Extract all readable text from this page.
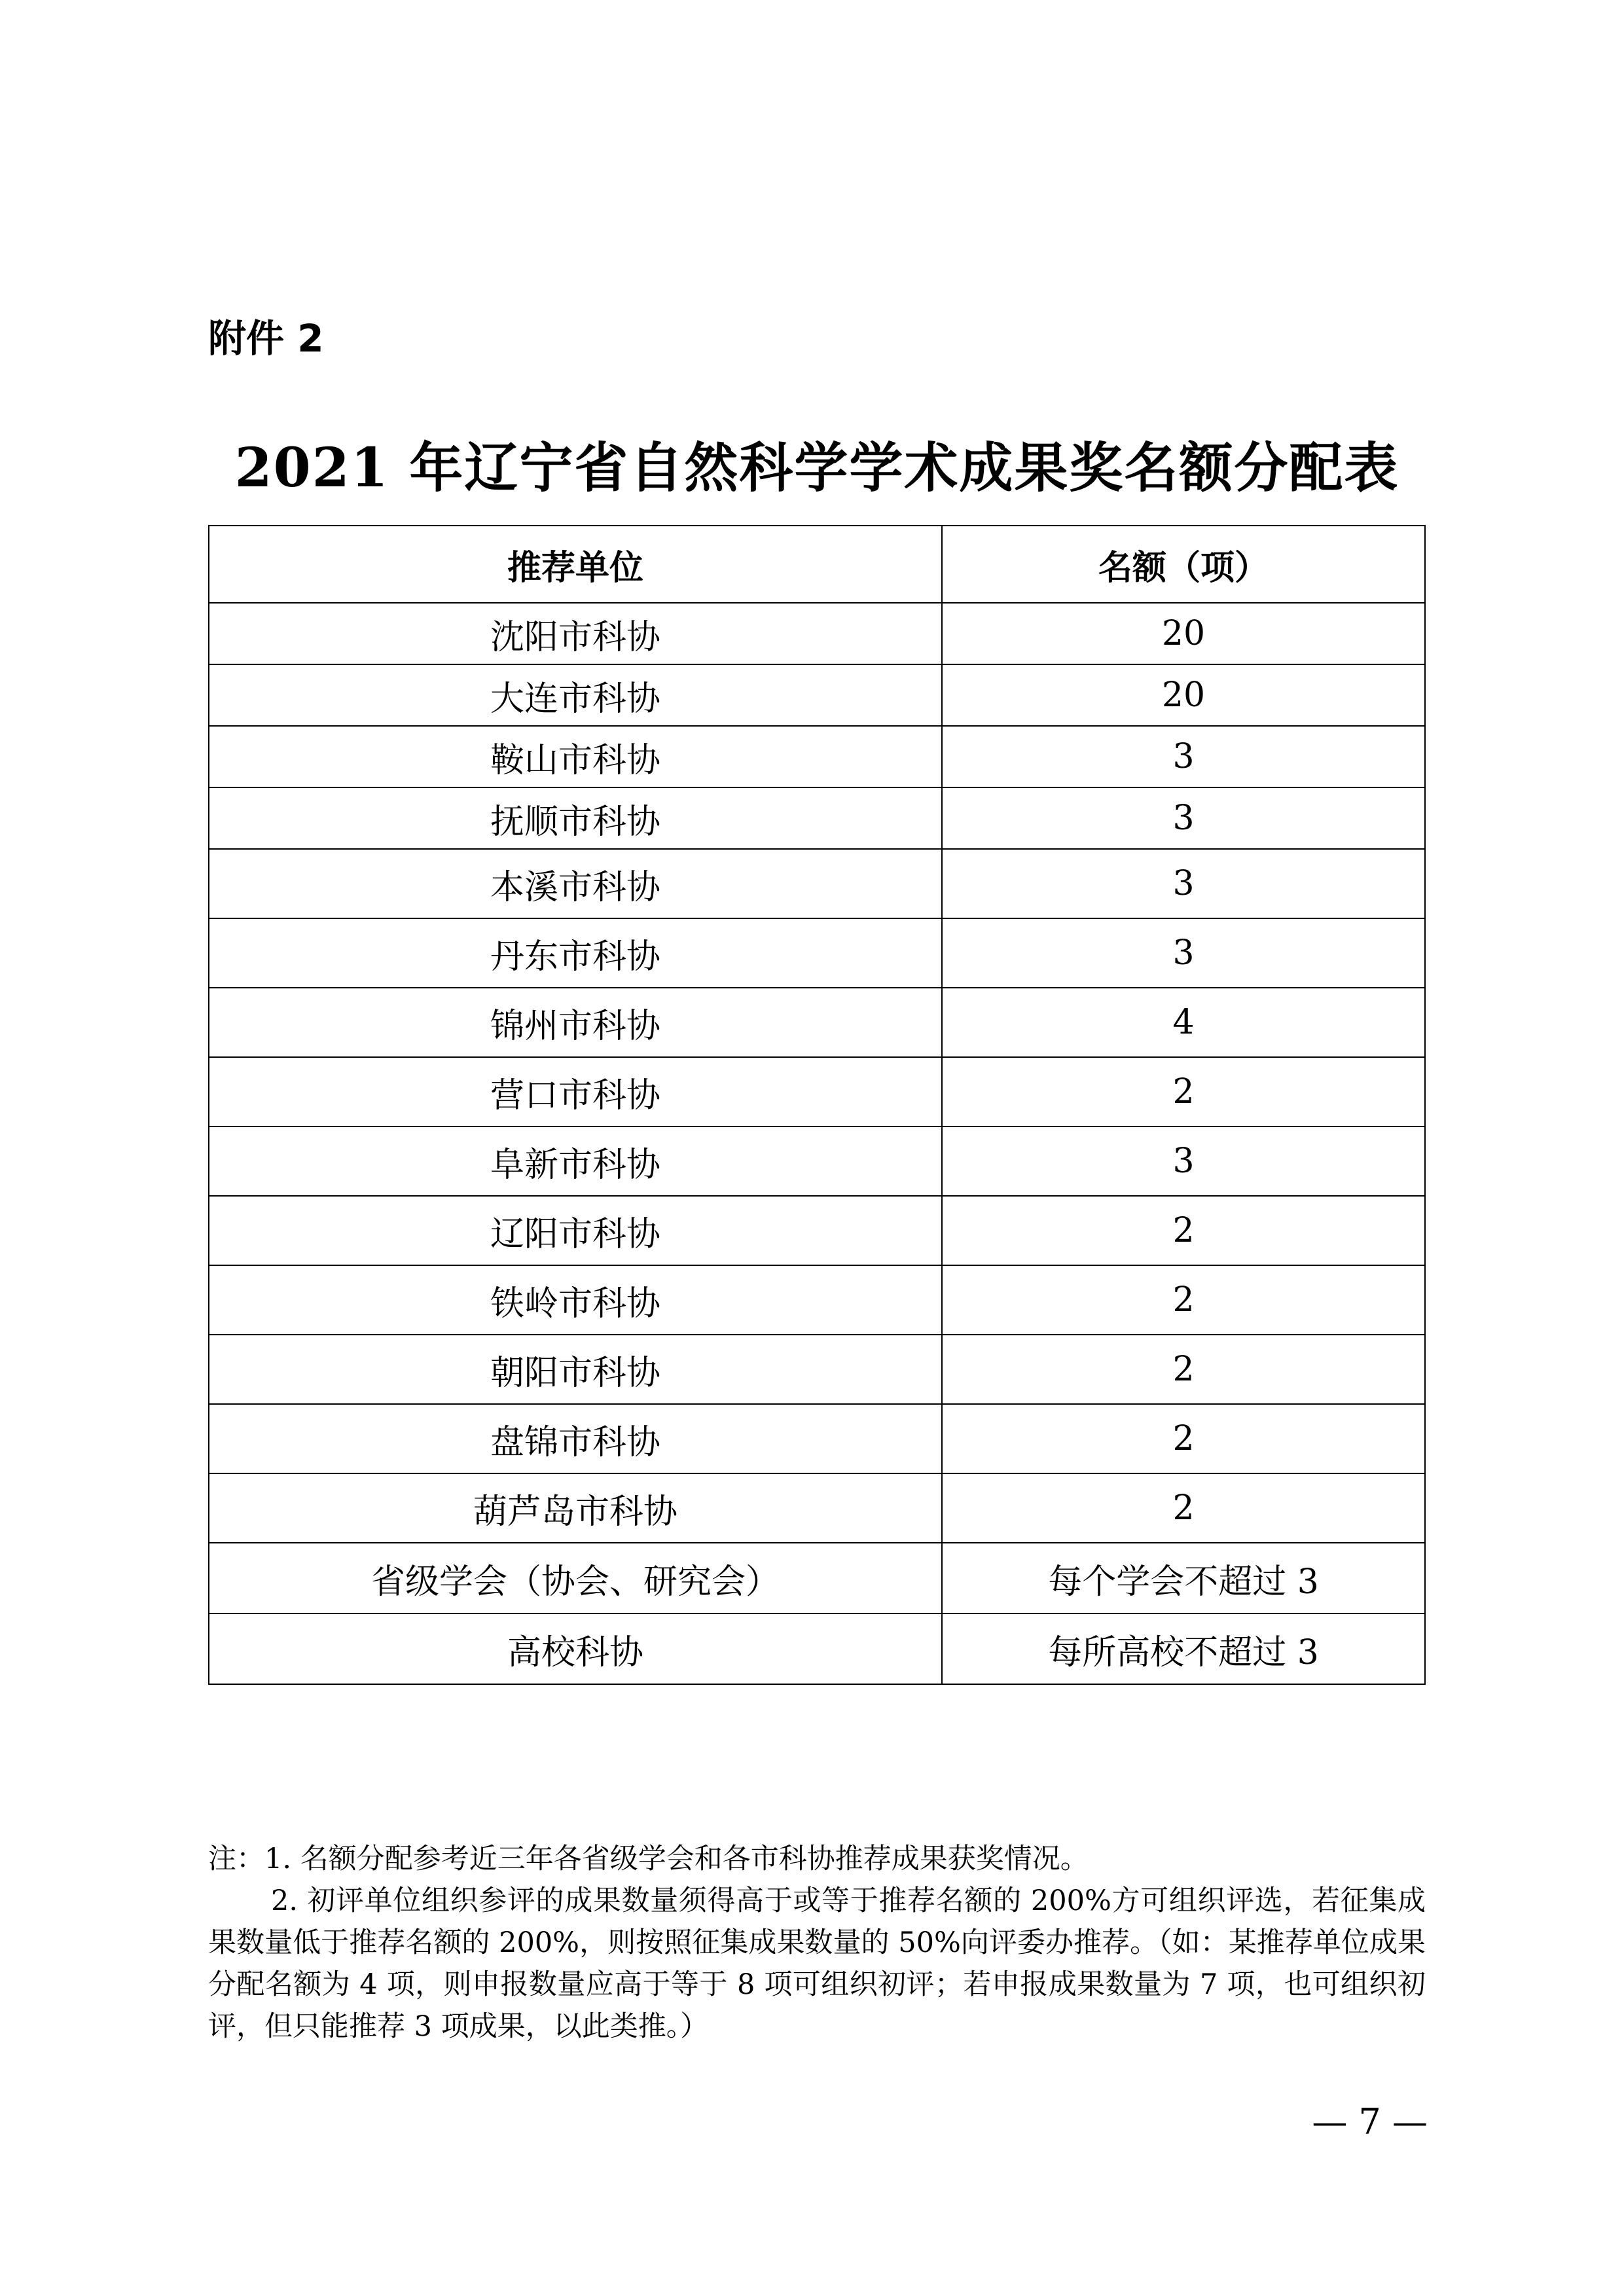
附件 2
2021 年辽宁省自然科学学术成果奖名额分配表
推荐单位	名额（项）
沈阳市科协	20
大连市科协	20
鞍山市科协	3
抚顺市科协	3
本溪市科协	3
丹东市科协	3
锦州市科协	4
营口市科协	2
阜新市科协	3
辽阳市科协	2
铁岭市科协	2
朝阳市科协	2
盘锦市科协	2
葫芦岛市科协	2
省级学会（协会、研究会）	每个学会不超过 3
高校科协	每所高校不超过 3

注：1. 名额分配参考近三年各省级学会和各市科协推荐成果获奖情况。

2. 初评单位组织参评的成果数量须得高于或等于推荐名额的 200%方可组织评选，若征集成果数量低于推荐名额的 200%，则按照征集成果数量的 50%向评委办推荐。（如：某推荐单位成果分配名额为 4 项，则申报数量应高于等于 8 项可组织初评；若申报成果数量为 7 项，也可组织初评，但只能推荐 3 项成果，以此类推。）

— 7 —
